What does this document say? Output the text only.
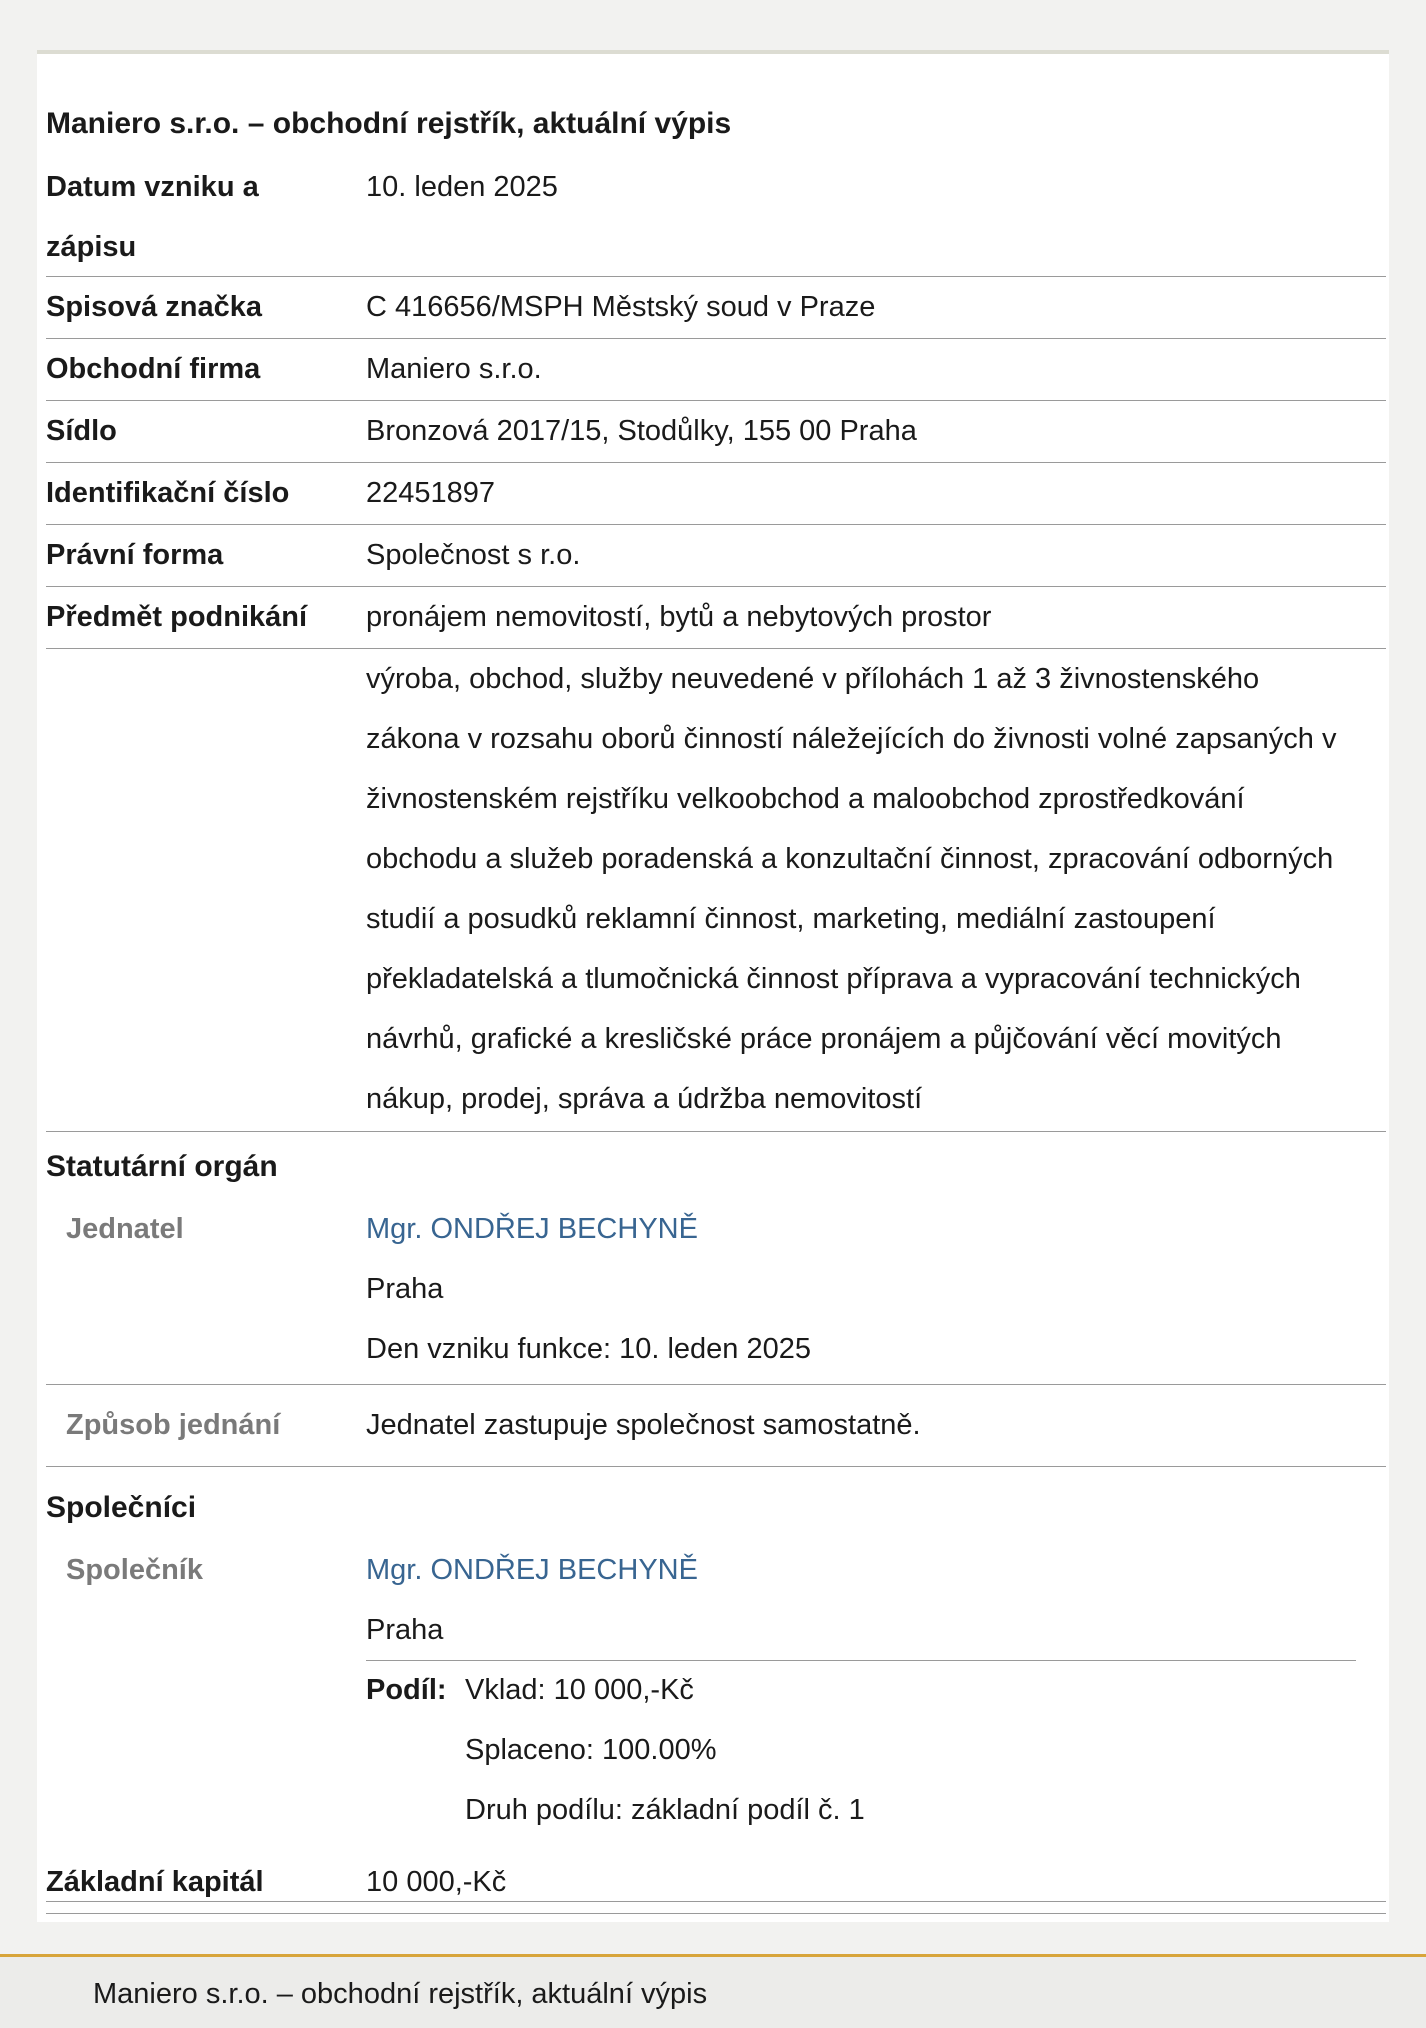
Maniero s.r.o. – obchodní rejstřík, aktuální výpis
Datum vzniku a
zápisu
10. leden 2025
Spisová značka	C 416656/MSPH Městský soud v Praze
Obchodní firma	Maniero s.r.o.
Sídlo	Bronzová 2017/15, Stodůlky, 155 00 Praha
Identifikační číslo	22451897
Právní forma	Společnost s r.o.
Předmět podnikání	pronájem nemovitostí, bytů a nebytových prostor
výroba, obchod, služby neuvedené v přílohách 1 až 3 živnostenského
zákona v rozsahu oborů činností náležejících do živnosti volné zapsaných v
živnostenském rejstříku velkoobchod a maloobchod zprostředkování
obchodu a služeb poradenská a konzultační činnost, zpracování odborných
studií a posudků reklamní činnost, marketing, mediální zastoupení
překladatelská a tlumočnická činnost příprava a vypracování technických
návrhů, grafické a kresličské práce pronájem a půjčování věcí movitých
nákup, prodej, správa a údržba nemovitostí
Statutární orgán
Jednatel	Mgr. ONDŘEJ BECHYNĚ
Praha
Den vzniku funkce: 10. leden 2025
Způsob jednání	Jednatel zastupuje společnost samostatně.
Společníci
Společník	Mgr. ONDŘEJ BECHYNĚ
Praha
Podíl: Vklad: 10 000,-Kč
Splaceno: 100.00%
Druh podílu: základní podíl č. 1
Základní kapitál	10 000,-Kč
Maniero s.r.o. – obchodní rejstřík, aktuální výpis
